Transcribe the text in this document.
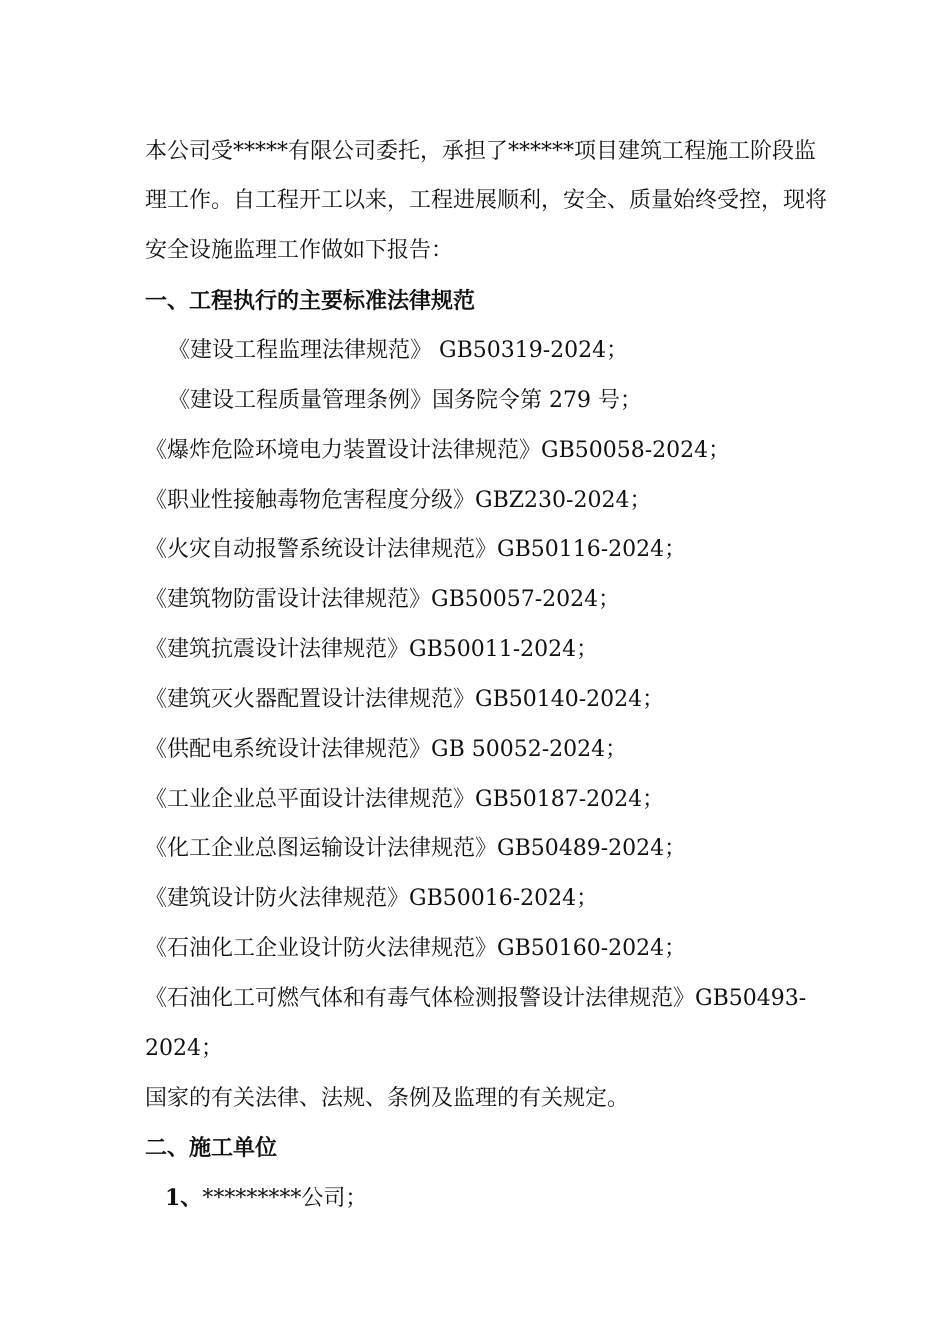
本公司受*****有限公司委托，承担了******项目建筑工程施工阶段监
理工作。自工程开工以来，工程进展顺利，安全、质量始终受控，现将
安全设施监理工作做如下报告：
一、工程执行的主要标准法律规范
《建设工程监理法律规范》 GB50319-2024；
《建设工程质量管理条例》国务院令第 279 号；
《爆炸危险环境电力装置设计法律规范》GB50058-2024；
《职业性接触毒物危害程度分级》GBZ230-2024；
《火灾自动报警系统设计法律规范》GB50116-2024；
《建筑物防雷设计法律规范》GB50057-2024；
《建筑抗震设计法律规范》GB50011-2024；
《建筑灭火器配置设计法律规范》GB50140-2024；
《供配电系统设计法律规范》GB 50052-2024；
《工业企业总平面设计法律规范》GB50187-2024；
《化工企业总图运输设计法律规范》GB50489-2024；
《建筑设计防火法律规范》GB50016-2024；
《石油化工企业设计防火法律规范》GB50160-2024；
《石油化工可燃气体和有毒气体检测报警设计法律规范》GB50493-
2024；
国家的有关法律、法规、条例及监理的有关规定。
二、施工单位
1、*********公司；
